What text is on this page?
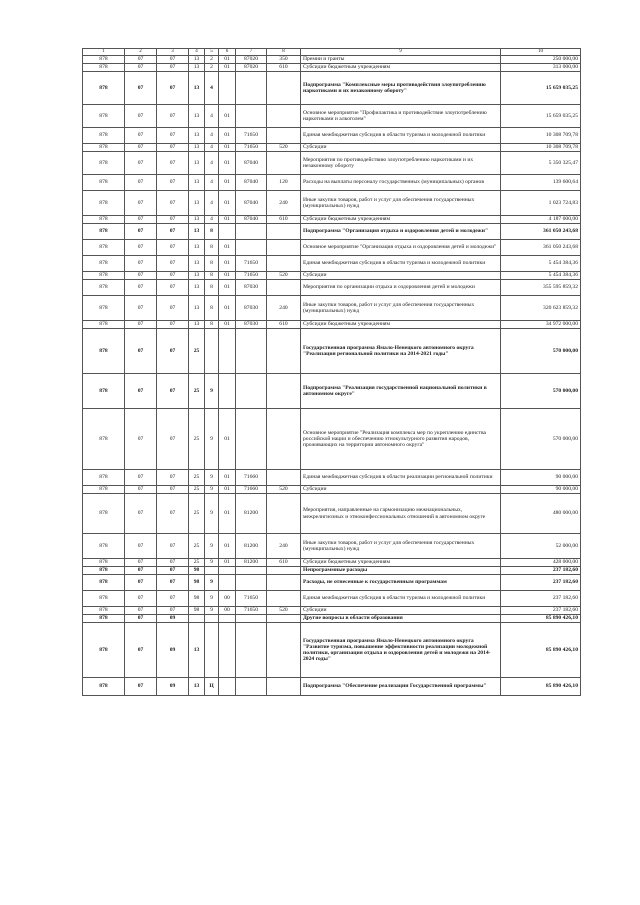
1	2	3	4	5	6	7	8	9	10
878	07	07	13	2	01	87020	350	Премии и гранты	250 000,00
878	07	07	13	2	01	87020	610	Субсидии бюджетным учреждениям	313 000,00
878	07	07	13	4				Подпрограмма "Комплексные меры противодействия злоупотреблению наркотиками и их незаконному обороту"	15 659 035,25
878	07	07	13	4	01			Основное мероприятие "Профилактика и противодействие злоупотреблению наркотиками и алкоголем"	15 659 035,25
878	07	07	13	4	01	71650		Единая межбюджетная субсидия в области туризма и молодежной политики	10 308 709,78
878	07	07	13	4	01	71650	520	Субсидии	10 308 709,78
878	07	07	13	4	01	87040		Мероприятия по противодействию злоупотреблению наркотиками и их незаконному обороту	5 350 325,47
878	07	07	13	4	01	87040	120	Расходы на выплаты персоналу государственных (муниципальных) органов	139 600,64
878	07	07	13	4	01	87040	240	Иные закупки товаров, работ и услуг для обеспечения государственных (муниципальных) нужд	1 023 724,83
878	07	07	13	4	01	87040	610	Субсидии бюджетным учреждениям	4 187 000,00
878	07	07	13	8				Подпрограмма "Организация отдыха и оздоровления детей и молодежи"	361 050 243,68
878	07	07	13	8	01			Основное мероприятие "Организация отдыха и оздоровления детей и молодежи"	361 050 243,68
878	07	07	13	8	01	71650		Единая межбюджетная субсидия в области туризма и молодежной политики	5 454 384,36
878	07	07	13	8	01	71650	520	Субсидии	5 454 384,36
878	07	07	13	8	01	87030		Мероприятия по организации отдыха и оздоровления детей и молодежи	355 595 859,32
878	07	07	13	8	01	87030	240	Иные закупки товаров, работ и услуг для обеспечения государственных (муниципальных) нужд	320 623 859,32
878	07	07	13	8	01	87030	610	Субсидии бюджетным учреждениям	34 972 000,00
878	07	07	25					Государственная программа Ямало-Ненецкого автономного округа "Реализация региональной политики на 2014-2021 годы"	570 000,00
878	07	07	25	9				Подпрограмма "Реализация государственной национальной политики в автономном округе"	570 000,00
878	07	07	25	9	01			Основное мероприятие "Реализация комплекса мер по укреплению единства российской нации и обеспечению этнокультурного развития народов, проживающих на территории автономного округа"	570 000,00
878	07	07	25	9	01	71660		Единая межбюджетная субсидия в области реализации региональной политики	90 000,00
878	07	07	25	9	01	71660	520	Субсидии	90 000,00
878	07	07	25	9	01	81200		Мероприятия, направленные на гармонизацию межнациональных, межрелигиозных и этноконфессиональных отношений в автономном округе	480 000,00
878	07	07	25	9	01	81200	240	Иные закупки товаров, работ и услуг для обеспечения государственных (муниципальных) нужд	52 000,00
878	07	07	25	9	01	81200	610	Субсидии бюджетным учреждениям	428 000,00
878	07	07	98					Непрограммные расходы	237 182,60
878	07	07	98	9				Расходы, не отнесенные к государственным программам	237 182,60
878	07	07	98	9	00	71650		Единая межбюджетная субсидия в области туризма и молодежной политики	237 182,60
878	07	07	98	9	00	71650	520	Субсидии	237 182,60
878	07	09						Другие вопросы в области образования	85 890 426,10
878	07	09	13					Государственная программа Ямало-Ненецкого автономного округа "Развитие туризма, повышение эффективности реализации молодежной политики, организация отдыха и оздоровления детей и молодежи на 2014-2024 годы"	85 890 426,10
878	07	09	13	Ц				Подпрограмма "Обеспечение реализации Государственной программы"	85 890 426,10
